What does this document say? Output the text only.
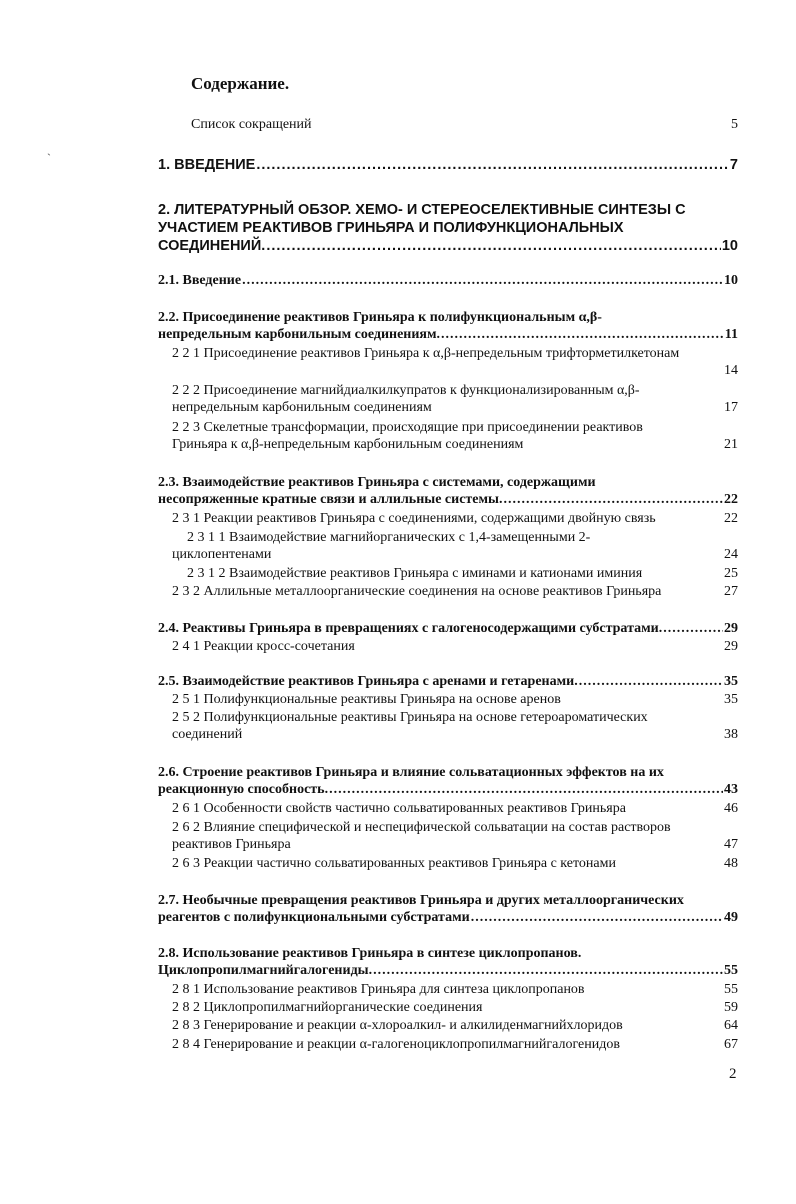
Содержание.
Список сокращений	5
ˏ
1. ВВЕДЕНИЕ .....	7
2. ЛИТЕРАТУРНЫЙ ОБЗОР. ХЕМО- И СТЕРЕОСЕЛЕКТИВНЫЕ СИНТЕЗЫ С
УЧАСТИЕМ РЕАКТИВОВ ГРИНЬЯРА И ПОЛИФУНКЦИОНАЛЬНЫХ
СОЕДИНЕНИЙ. .....	10
2.1. Введение .....	10
2.2. Присоединение реактивов Гриньяра к полифункциональным α,β-
непредельным карбонильным соединениям. .....	11
2 2 1 Присоединение реактивов Гриньяра к α,β-непредельным трифторметилкетонам
14
2 2 2 Присоединение магнийдиалкилкупратов к функционализированным α,β-
непредельным карбонильным соединениям	17
2 2 3 Скелетные трансформации, происходящие при присоединении реактивов
Гриньяра к α,β-непредельным карбонильным соединениям	21
2.3. Взаимодействие реактивов Гриньяра с системами, содержащими
несопряженные кратные связи и аллильные системы. .....	22
2 3 1 Реакции реактивов Гриньяра с соединениями, содержащими двойную связь	22
2 3 1 1 Взаимодействие магнийорганических с 1,4-замещенными 2-
циклопентенами	24
2 3 1 2 Взаимодействие реактивов Гриньяра с иминами и катионами иминия	25
2 3 2 Аллильные металлоорганические соединения на основе реактивов Гриньяра	27
2.4. Реактивы Гриньяра в превращениях с галогеносодержащими субстратами. .....	29
2 4 1 Реакции кросс-сочетания	29
2.5. Взаимодействие реактивов Гриньяра с аренами и гетаренами. .....	35
2 5 1 Полифункциональные реактивы Гриньяра на основе аренов	35
2 5 2 Полифункциональные реактивы Гриньяра на основе гетероароматических
соединений	38
2.6. Строение реактивов Гриньяра и влияние сольватационных эффектов на их
реакционную способность. .....	43
2 6 1 Особенности свойств частично сольватированных реактивов Гриньяра	46
2 6 2 Влияние специфической и неспецифической сольватации на состав растворов
реактивов Гриньяра	47
2 6 3 Реакции частично сольватированных реактивов Гриньяра с кетонами	48
2.7. Необычные превращения реактивов Гриньяра и других металлоорганических
реагентов с полифункциональными субстратами .....	49
2.8. Использование реактивов Гриньяра в синтезе циклопропанов.
Циклопропилмагнийгалогениды. .....	55
2 8 1 Использование реактивов Гриньяра для синтеза циклопропанов	55
2 8 2 Циклопропилмагнийорганические соединения	59
2 8 3 Генерирование и реакции α-хлороалкил- и алкилиденмагнийхлоридов	64
2 8 4 Генерирование и реакции α-галогеноциклопропилмагнийгалогенидов	67
2
